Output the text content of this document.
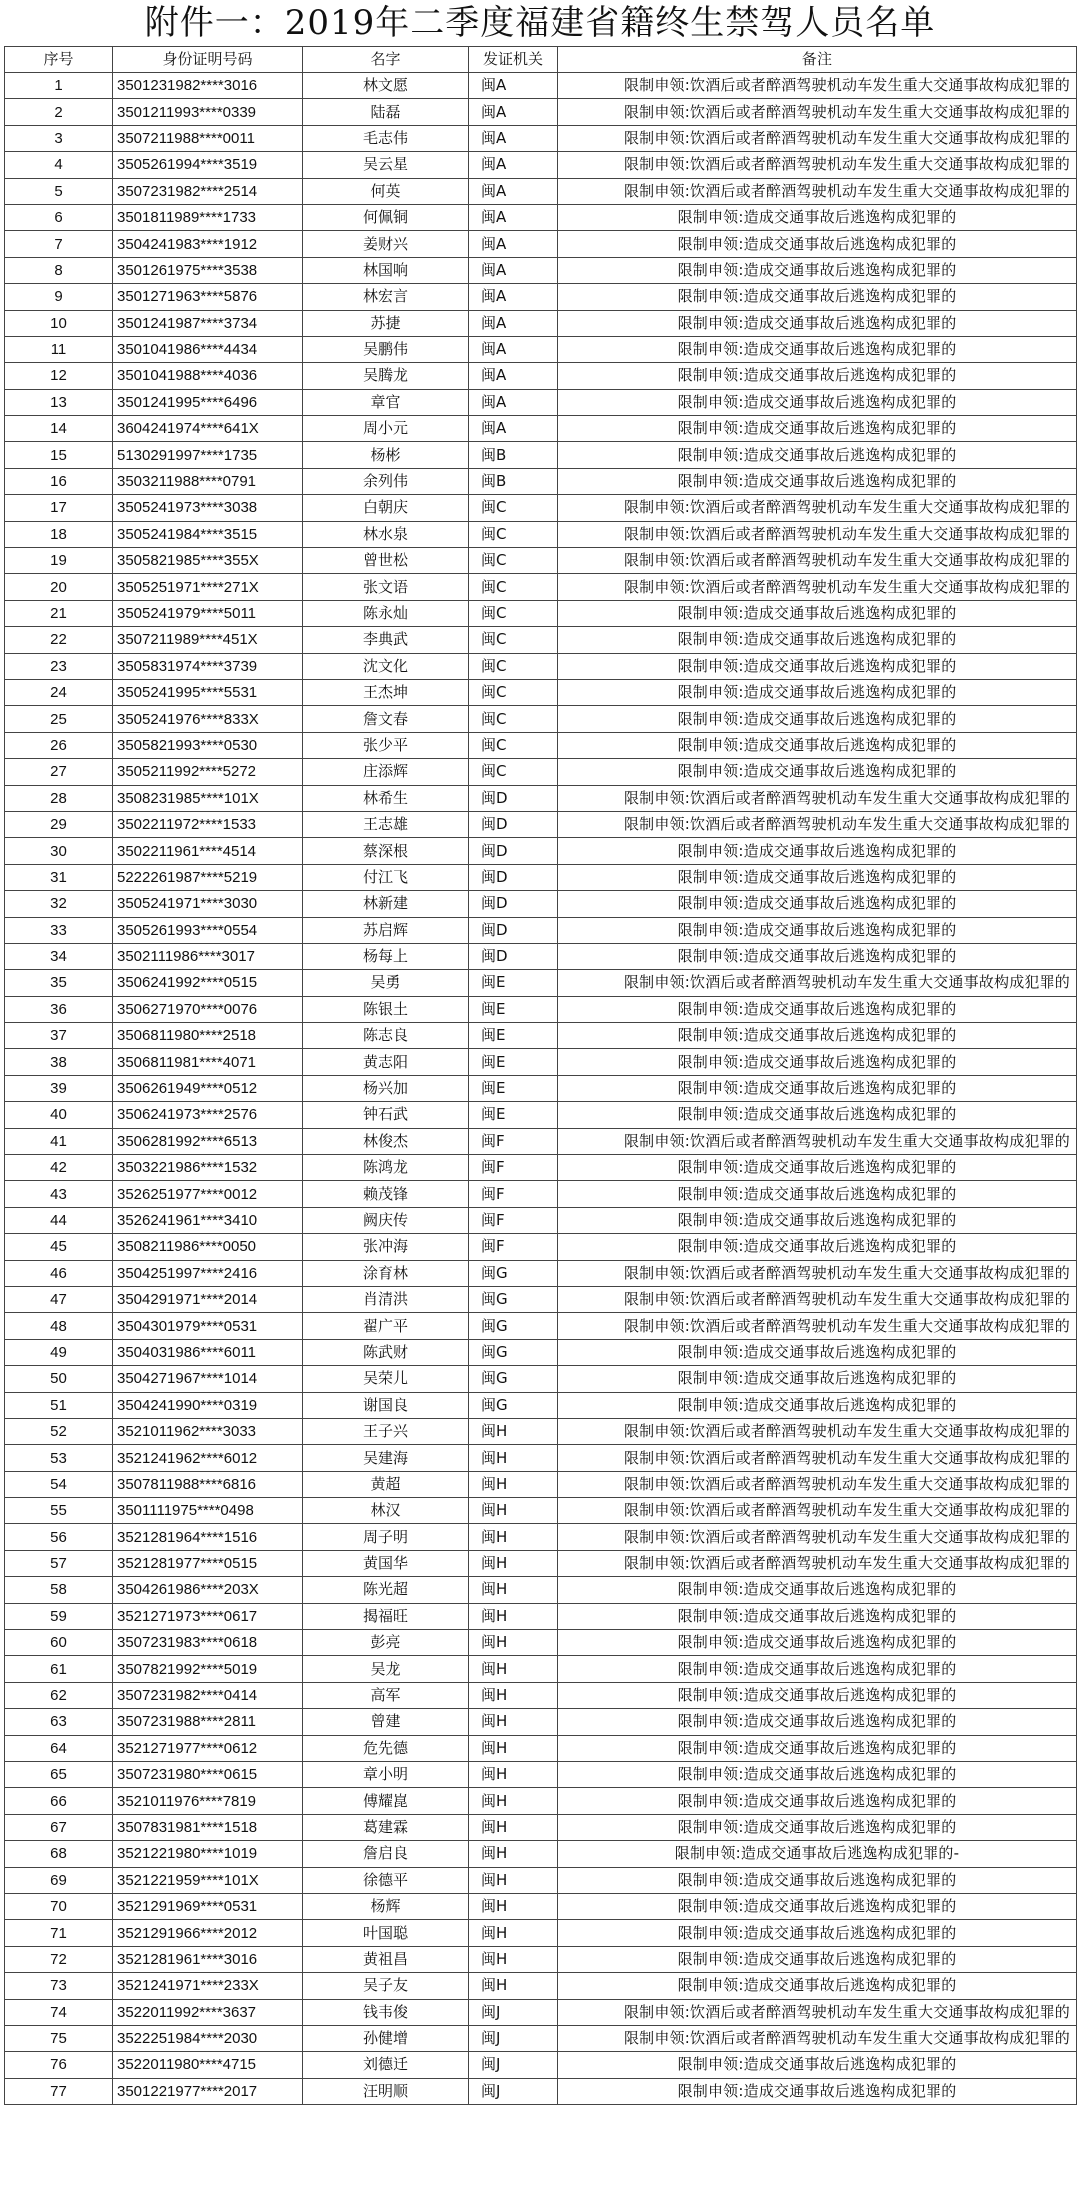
附件一：2019年二季度福建省籍终生禁驾人员名单
序号	身份证明号码	名字	发证机关	备注
1	3501231982****3016	林文愿	闽A	限制申领:饮酒后或者醉酒驾驶机动车发生重大交通事故构成犯罪的
2	3501211993****0339	陆磊	闽A	限制申领:饮酒后或者醉酒驾驶机动车发生重大交通事故构成犯罪的
3	3507211988****0011	毛志伟	闽A	限制申领:饮酒后或者醉酒驾驶机动车发生重大交通事故构成犯罪的
4	3505261994****3519	吴云星	闽A	限制申领:饮酒后或者醉酒驾驶机动车发生重大交通事故构成犯罪的
5	3507231982****2514	何英	闽A	限制申领:饮酒后或者醉酒驾驶机动车发生重大交通事故构成犯罪的
6	3501811989****1733	何佩铜	闽A	限制申领:造成交通事故后逃逸构成犯罪的
7	3504241983****1912	姜财兴	闽A	限制申领:造成交通事故后逃逸构成犯罪的
8	3501261975****3538	林国响	闽A	限制申领:造成交通事故后逃逸构成犯罪的
9	3501271963****5876	林宏言	闽A	限制申领:造成交通事故后逃逸构成犯罪的
10	3501241987****3734	苏捷	闽A	限制申领:造成交通事故后逃逸构成犯罪的
11	3501041986****4434	吴鹏伟	闽A	限制申领:造成交通事故后逃逸构成犯罪的
12	3501041988****4036	吴腾龙	闽A	限制申领:造成交通事故后逃逸构成犯罪的
13	3501241995****6496	章官	闽A	限制申领:造成交通事故后逃逸构成犯罪的
14	3604241974****641X	周小元	闽A	限制申领:造成交通事故后逃逸构成犯罪的
15	5130291997****1735	杨彬	闽B	限制申领:造成交通事故后逃逸构成犯罪的
16	3503211988****0791	余列伟	闽B	限制申领:造成交通事故后逃逸构成犯罪的
17	3505241973****3038	白朝庆	闽C	限制申领:饮酒后或者醉酒驾驶机动车发生重大交通事故构成犯罪的
18	3505241984****3515	林水泉	闽C	限制申领:饮酒后或者醉酒驾驶机动车发生重大交通事故构成犯罪的
19	3505821985****355X	曾世松	闽C	限制申领:饮酒后或者醉酒驾驶机动车发生重大交通事故构成犯罪的
20	3505251971****271X	张文语	闽C	限制申领:饮酒后或者醉酒驾驶机动车发生重大交通事故构成犯罪的
21	3505241979****5011	陈永灿	闽C	限制申领:造成交通事故后逃逸构成犯罪的
22	3507211989****451X	李典武	闽C	限制申领:造成交通事故后逃逸构成犯罪的
23	3505831974****3739	沈文化	闽C	限制申领:造成交通事故后逃逸构成犯罪的
24	3505241995****5531	王杰坤	闽C	限制申领:造成交通事故后逃逸构成犯罪的
25	3505241976****833X	詹文春	闽C	限制申领:造成交通事故后逃逸构成犯罪的
26	3505821993****0530	张少平	闽C	限制申领:造成交通事故后逃逸构成犯罪的
27	3505211992****5272	庄添辉	闽C	限制申领:造成交通事故后逃逸构成犯罪的
28	3508231985****101X	林希生	闽D	限制申领:饮酒后或者醉酒驾驶机动车发生重大交通事故构成犯罪的
29	3502211972****1533	王志雄	闽D	限制申领:饮酒后或者醉酒驾驶机动车发生重大交通事故构成犯罪的
30	3502211961****4514	蔡深根	闽D	限制申领:造成交通事故后逃逸构成犯罪的
31	5222261987****5219	付江飞	闽D	限制申领:造成交通事故后逃逸构成犯罪的
32	3505241971****3030	林新建	闽D	限制申领:造成交通事故后逃逸构成犯罪的
33	3505261993****0554	苏启辉	闽D	限制申领:造成交通事故后逃逸构成犯罪的
34	3502111986****3017	杨每上	闽D	限制申领:造成交通事故后逃逸构成犯罪的
35	3506241992****0515	吴勇	闽E	限制申领:饮酒后或者醉酒驾驶机动车发生重大交通事故构成犯罪的
36	3506271970****0076	陈银土	闽E	限制申领:造成交通事故后逃逸构成犯罪的
37	3506811980****2518	陈志良	闽E	限制申领:造成交通事故后逃逸构成犯罪的
38	3506811981****4071	黄志阳	闽E	限制申领:造成交通事故后逃逸构成犯罪的
39	3506261949****0512	杨兴加	闽E	限制申领:造成交通事故后逃逸构成犯罪的
40	3506241973****2576	钟石武	闽E	限制申领:造成交通事故后逃逸构成犯罪的
41	3506281992****6513	林俊杰	闽F	限制申领:饮酒后或者醉酒驾驶机动车发生重大交通事故构成犯罪的
42	3503221986****1532	陈鸿龙	闽F	限制申领:造成交通事故后逃逸构成犯罪的
43	3526251977****0012	赖茂锋	闽F	限制申领:造成交通事故后逃逸构成犯罪的
44	3526241961****3410	阙庆传	闽F	限制申领:造成交通事故后逃逸构成犯罪的
45	3508211986****0050	张冲海	闽F	限制申领:造成交通事故后逃逸构成犯罪的
46	3504251997****2416	涂育林	闽G	限制申领:饮酒后或者醉酒驾驶机动车发生重大交通事故构成犯罪的
47	3504291971****2014	肖清洪	闽G	限制申领:饮酒后或者醉酒驾驶机动车发生重大交通事故构成犯罪的
48	3504301979****0531	翟广平	闽G	限制申领:饮酒后或者醉酒驾驶机动车发生重大交通事故构成犯罪的
49	3504031986****6011	陈武财	闽G	限制申领:造成交通事故后逃逸构成犯罪的
50	3504271967****1014	吴荣儿	闽G	限制申领:造成交通事故后逃逸构成犯罪的
51	3504241990****0319	谢国良	闽G	限制申领:造成交通事故后逃逸构成犯罪的
52	3521011962****3033	王子兴	闽H	限制申领:饮酒后或者醉酒驾驶机动车发生重大交通事故构成犯罪的
53	3521241962****6012	吴建海	闽H	限制申领:饮酒后或者醉酒驾驶机动车发生重大交通事故构成犯罪的
54	3507811988****6816	黄超	闽H	限制申领:饮酒后或者醉酒驾驶机动车发生重大交通事故构成犯罪的
55	3501111975****0498	林汉	闽H	限制申领:饮酒后或者醉酒驾驶机动车发生重大交通事故构成犯罪的
56	3521281964****1516	周子明	闽H	限制申领:饮酒后或者醉酒驾驶机动车发生重大交通事故构成犯罪的
57	3521281977****0515	黄国华	闽H	限制申领:饮酒后或者醉酒驾驶机动车发生重大交通事故构成犯罪的
58	3504261986****203X	陈光超	闽H	限制申领:造成交通事故后逃逸构成犯罪的
59	3521271973****0617	揭福旺	闽H	限制申领:造成交通事故后逃逸构成犯罪的
60	3507231983****0618	彭亮	闽H	限制申领:造成交通事故后逃逸构成犯罪的
61	3507821992****5019	吴龙	闽H	限制申领:造成交通事故后逃逸构成犯罪的
62	3507231982****0414	高军	闽H	限制申领:造成交通事故后逃逸构成犯罪的
63	3507231988****2811	曾建	闽H	限制申领:造成交通事故后逃逸构成犯罪的
64	3521271977****0612	危先德	闽H	限制申领:造成交通事故后逃逸构成犯罪的
65	3507231980****0615	章小明	闽H	限制申领:造成交通事故后逃逸构成犯罪的
66	3521011976****7819	傅耀崑	闽H	限制申领:造成交通事故后逃逸构成犯罪的
67	3507831981****1518	葛建霖	闽H	限制申领:造成交通事故后逃逸构成犯罪的
68	3521221980****1019	詹启良	闽H	限制申领:造成交通事故后逃逸构成犯罪的-
69	3521221959****101X	徐德平	闽H	限制申领:造成交通事故后逃逸构成犯罪的
70	3521291969****0531	杨辉	闽H	限制申领:造成交通事故后逃逸构成犯罪的
71	3521291966****2012	叶国聪	闽H	限制申领:造成交通事故后逃逸构成犯罪的
72	3521281961****3016	黄祖昌	闽H	限制申领:造成交通事故后逃逸构成犯罪的
73	3521241971****233X	吴子友	闽H	限制申领:造成交通事故后逃逸构成犯罪的
74	3522011992****3637	钱韦俊	闽J	限制申领:饮酒后或者醉酒驾驶机动车发生重大交通事故构成犯罪的
75	3522251984****2030	孙健增	闽J	限制申领:饮酒后或者醉酒驾驶机动车发生重大交通事故构成犯罪的
76	3522011980****4715	刘德迁	闽J	限制申领:造成交通事故后逃逸构成犯罪的
77	3501221977****2017	汪明顺	闽J	限制申领:造成交通事故后逃逸构成犯罪的
